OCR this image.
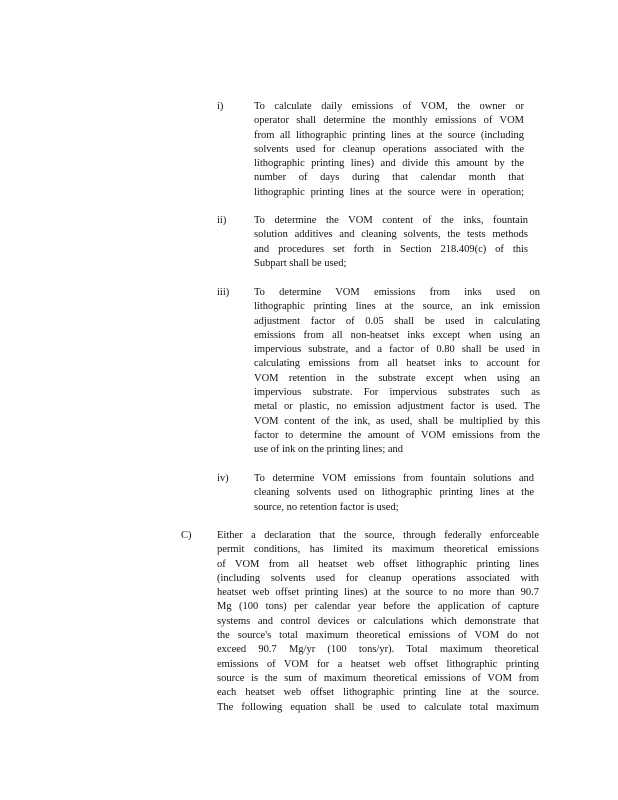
i)	To calculate daily emissions of VOM, the owner or
operator shall determine the monthly emissions of VOM
from all lithographic printing lines at the source (including
solvents used for cleanup operations associated with the
lithographic printing lines) and divide this amount by the
number of days during that calendar month that
lithographic printing lines at the source were in operation;
ii)	To determine the VOM content of the inks, fountain
solution additives and cleaning solvents, the tests methods
and procedures set forth in Section 218.409(c) of this
Subpart shall be used;
iii) To determine VOM emissions from inks used on
lithographic printing lines at the source, an ink emission
adjustment factor of 0.05 shall be used in calculating
emissions from all non-heatset inks except when using an
impervious substrate, and a factor of 0.80 shall be used in
calculating emissions from all heatset inks to account for
VOM retention in the substrate except when using an
impervious substrate. For impervious substrates such as
metal or plastic, no emission adjustment factor is used. The
VOM content of the ink, as used, shall be multiplied by this
factor to determine the amount of VOM emissions from the
use of ink on the printing lines; and
iv) To determine VOM emissions from fountain solutions and
cleaning solvents used on lithographic printing lines at the
source, no retention factor is used;
C) Either a declaration that the source, through federally enforceable
permit conditions, has limited its maximum theoretical emissions
of VOM from all heatset web offset lithographic printing lines
(including solvents used for cleanup operations associated with
heatset web offset printing lines) at the source to no more than 90.7
Mg (100 tons) per calendar year before the application of capture
systems and control devices or calculations which demonstrate that
the source's total maximum theoretical emissions of VOM do not
exceed 90.7 Mg/yr (100 tons/yr). Total maximum theoretical
emissions of VOM for a heatset web offset lithographic printing
source is the sum of maximum theoretical emissions of VOM from
each heatset web offset lithographic printing line at the source.
The following equation shall be used to calculate total maximum
